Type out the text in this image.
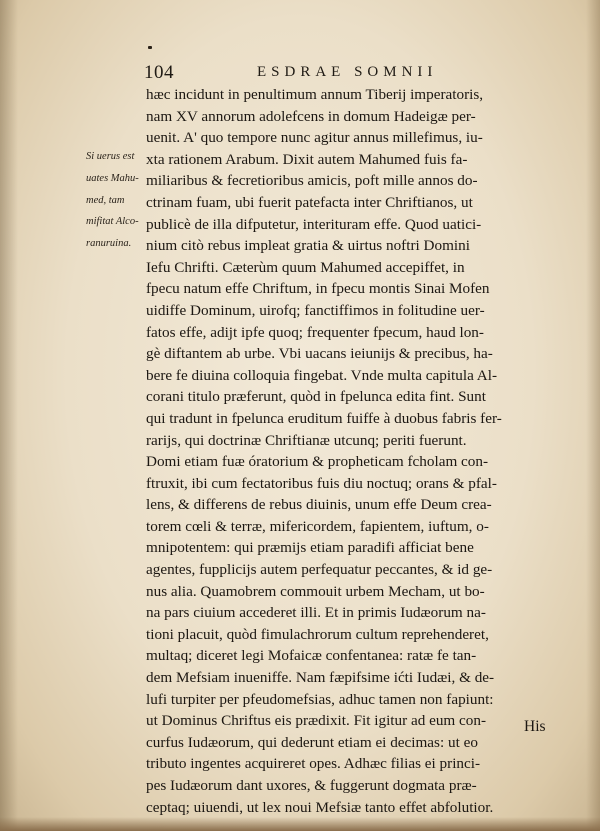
104	ESDRAE SOMNII
Si uerus est
uates Mahu-
med, tam
mifitat Alco-
ranuruina.
hæc incidunt in penultimum annum Tiberij imperatoris,
nam XV annorum adolefcens in domum Hadeigæ per-
uenit. A' quo tempore nunc agitur annus millefimus, iu-
xta rationem Arabum. Dixit autem Mahumed fuis fa-
miliaribus & fecretioribus amicis, poft mille annos do-
ctrinam fuam, ubi fuerit patefacta inter Chriftianos, ut
publicè de illa difputetur, interituram effe. Quod uatici-
nium citò rebus impleat gratia & uirtus noftri Domini
Iefu Chrifti. Cæterùm quum Mahumed accepiffet, in
fpecu natum effe Chriftum, in fpecu montis Sinai Mofen
uidiffe Dominum, uirofq; fanctiffimos in folitudine uer-
fatos effe, adijt ipfe quoq; frequenter fpecum, haud lon-
gè diftantem ab urbe. Vbi uacans ieiunijs & precibus, ha-
bere fe diuina colloquia fingebat. Vnde multa capitula Al-
corani titulo præferunt, quòd in fpelunca edita fint. Sunt
qui tradunt in fpelunca eruditum fuiffe à duobus fabris fer-
rarijs, qui doctrinæ Chriftianæ utcunq; periti fuerunt.
Domi etiam fuæ óratorium & propheticam fcholam con-
ftruxit, ibi cum fectatoribus fuis diu noctuq; orans & pfal-
lens, & differens de rebus diuinis, unum effe Deum crea-
torem cœli & terræ, mifericordem, fapientem, iuftum, o-
mnipotentem: qui præmijs etiam paradifi afficiat bene
agentes, fupplicijs autem perfequatur peccantes, & id ge-
nus alia. Quamobrem commouit urbem Mecham, ut bo-
na pars ciuium accederet illi. Et in primis Iudæorum na-
tioni placuit, quòd fimulachrorum cultum reprehenderet,
multaq; diceret legi Mofaicæ confentanea: ratæ fe tan-
dem Mefsiam inueniffe. Nam fæpifsime ićti Iudæi, & de-
lufi turpiter per pfeudomefsias, adhuc tamen non fapiunt:
ut Dominus Chriftus eis prædixit. Fit igitur ad eum con-
curfus Iudæorum, qui dederunt etiam ei decimas: ut eo
tributo ingentes acquireret opes. Adhæc filias ei princi-
pes Iudæorum dant uxores, & fuggerunt dogmata præ-
ceptaq; uiuendi, ut lex noui Mefsiæ tanto effet abfolutior.
His
